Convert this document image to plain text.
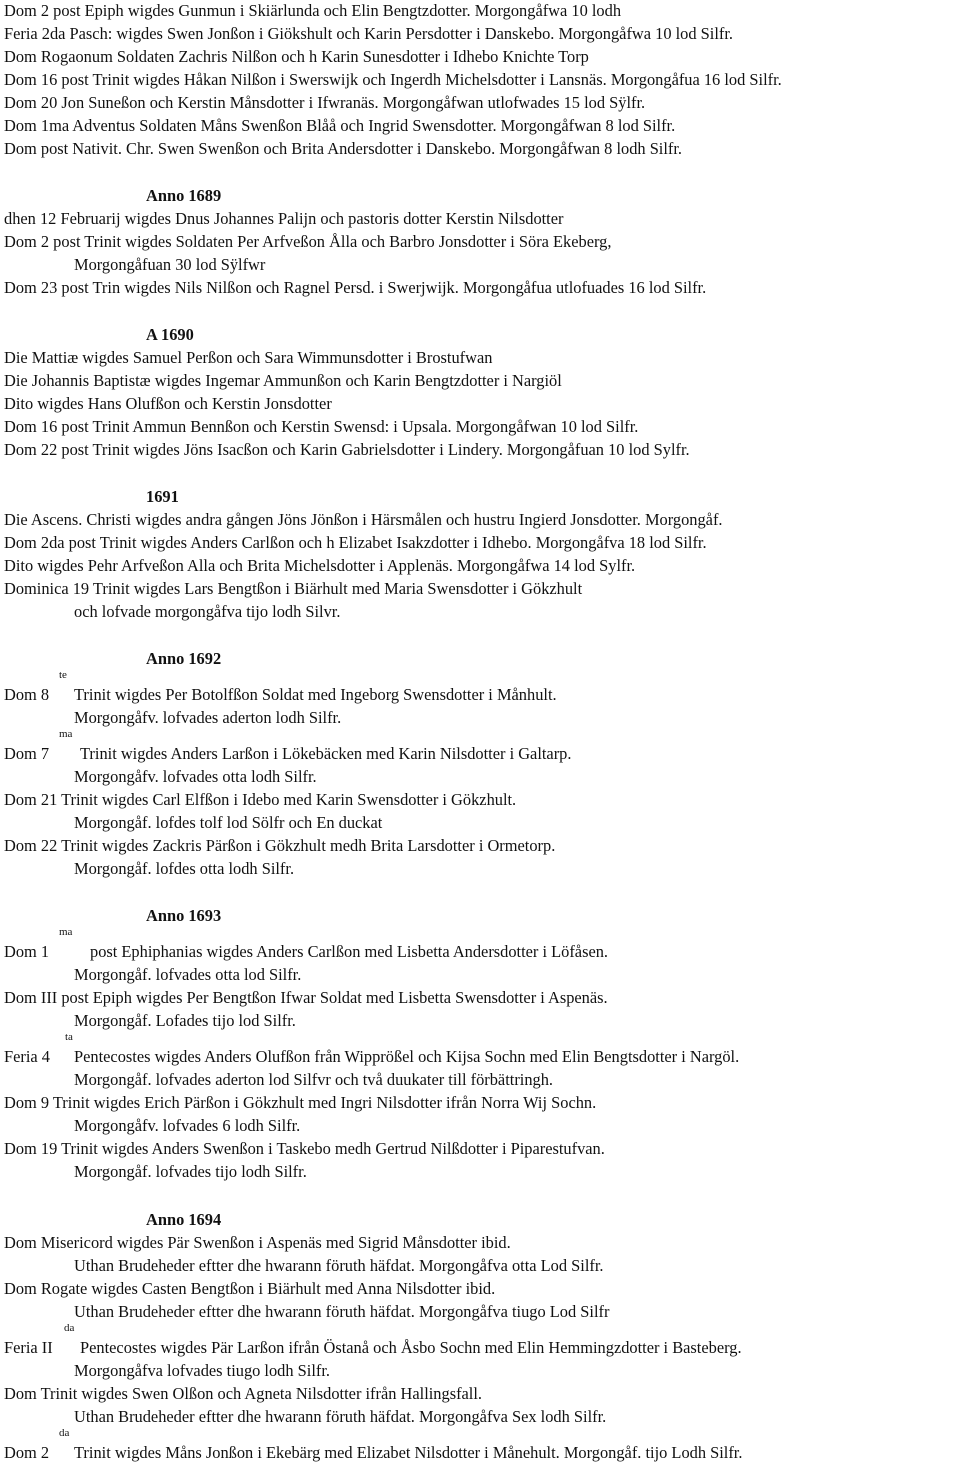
Dom 2 post Epiph wigdes Gunmun i Skiärlunda och Elin Bengtzdotter. Morgongåfwa 10 lodh
Feria 2da Pasch: wigdes Swen Jonßon i Giökshult och Karin Persdotter i Danskebo. Morgongåfwa 10 lod Silfr.
Dom Rogaonum Soldaten Zachris Nilßon och h Karin Sunesdotter i Idhebo Knichte Torp
Dom 16 post Trinit wigdes Håkan Nilßon i Swerswijk och Ingerdh Michelsdotter i Lansnäs. Morgongåfua 16 lod Silfr.
Dom 20 Jon Suneßon och Kerstin Månsdotter i Ifwranäs. Morgongåfwan utlofwades 15 lod Sÿlfr.
Dom 1ma Adventus Soldaten Måns Swenßon Blåå och Ingrid Swensdotter. Morgongåfwan 8 lod Silfr.
Dom post Nativit. Chr. Swen Swenßon och Brita Andersdotter i Danskebo. Morgongåfwan 8 lodh Silfr.
Anno 1689
dhen 12 Februarij wigdes Dnus Johannes Palijn och pastoris dotter Kerstin Nilsdotter
Dom 2 post Trinit wigdes Soldaten Per Arfveßon Ålla och Barbro Jonsdotter i Söra Ekeberg,
Morgongåfuan 30 lod Sÿlfwr
Dom 23 post Trin wigdes Nils Nilßon och Ragnel Persd. i Swerjwijk. Morgongåfua utlofuades 16 lod Silfr.
A 1690
Die Mattiæ wigdes Samuel Perßon och Sara Wimmunsdotter i Brostufwan
Die Johannis Baptistæ wigdes Ingemar Ammunßon och Karin Bengtzdotter i Nargiöl
Dito wigdes Hans Olufßon och Kerstin Jonsdotter
Dom 16 post Trinit Ammun Bennßon och Kerstin Swensd: i Upsala. Morgongåfwan 10 lod Silfr.
Dom 22 post Trinit wigdes Jöns Isacßon och Karin Gabrielsdotter i Lindery. Morgongåfuan 10 lod Sylfr.
1691
Die Ascens. Christi wigdes andra gången Jöns Jönßon i Härsmålen och hustru Ingierd Jonsdotter. Morgongåf.
Dom 2da post Trinit wigdes Anders Carlßon och h Elizabet Isakzdotter i Idhebo. Morgongåfva 18 lod Silfr.
Dito wigdes Pehr Arfveßon Alla och Brita Michelsdotter i Applenäs. Morgongåfwa 14 lod Sylfr.
Dominica 19 Trinit wigdes Lars Bengtßon i Biärhult med Maria Swensdotter i Gökzhult
och lofvade morgongåfva tijo lodh Silvr.
Anno 1692
Dom 8
te
Trinit wigdes Per Botolfßon Soldat med Ingeborg Swensdotter i Månhult.
Morgongåfv. lofvades aderton lodh Silfr.
Dom 7
ma
Trinit wigdes Anders Larßon i Lökebäcken med Karin Nilsdotter i Galtarp.
Morgongåfv. lofvades otta lodh Silfr.
Dom 21 Trinit wigdes Carl Elfßon i Idebo med Karin Swensdotter i Gökzhult.
Morgongåf. lofdes tolf lod Sölfr och En duckat
Dom 22 Trinit wigdes Zackris Pärßon i Gökzhult medh Brita Larsdotter i Ormetorp.
Morgongåf. lofdes otta lodh Silfr.
Anno 1693
Dom 1
ma
post Ephiphanias wigdes Anders Carlßon med Lisbetta Andersdotter i Löfåsen.
Morgongåf. lofvades otta lod Silfr.
Dom III post Epiph wigdes Per Bengtßon Ifwar Soldat med Lisbetta Swensdotter i Aspenäs.
Morgongåf. Lofades tijo lod Silfr.
Feria 4
ta
Pentecostes wigdes Anders Olufßon från Wipprößel och Kijsa Sochn med Elin Bengtsdotter i Nargöl.
Morgongåf. lofvades aderton lod Silfvr och två duukater till förbättringh.
Dom 9 Trinit wigdes Erich Pärßon i Gökzhult med Ingri Nilsdotter ifrån Norra Wij Sochn.
Morgongåfv. lofvades 6 lodh Silfr.
Dom 19 Trinit wigdes Anders Swenßon i Taskebo medh Gertrud Nilßdotter i Piparestufvan.
Morgongåf. lofvades tijo lodh Silfr.
Anno 1694
Dom Misericord wigdes Pär Swenßon i Aspenäs med Sigrid Månsdotter ibid.
Uthan Brudeheder eftter dhe hwarann föruth häfdat. Morgongåfva otta Lod Silfr.
Dom Rogate wigdes Casten Bengtßon i Biärhult med Anna Nilsdotter ibid.
Uthan Brudeheder eftter dhe hwarann föruth häfdat. Morgongåfva tiugo Lod Silfr
Feria II
da
Pentecostes wigdes Pär Larßon ifrån Östanå och Åsbo Sochn med Elin Hemmingzdotter i Basteberg.
Morgongåfva lofvades tiugo lodh Silfr.
Dom Trinit wigdes Swen Olßon och Agneta Nilsdotter ifrån Hallingsfall.
Uthan Brudeheder eftter dhe hwarann föruth häfdat. Morgongåfva Sex lodh Silfr.
Dom 2
da
Trinit wigdes Måns Jonßon i Ekebärg med Elizabet Nilsdotter i Månehult. Morgongåf. tijo Lodh Silfr.
